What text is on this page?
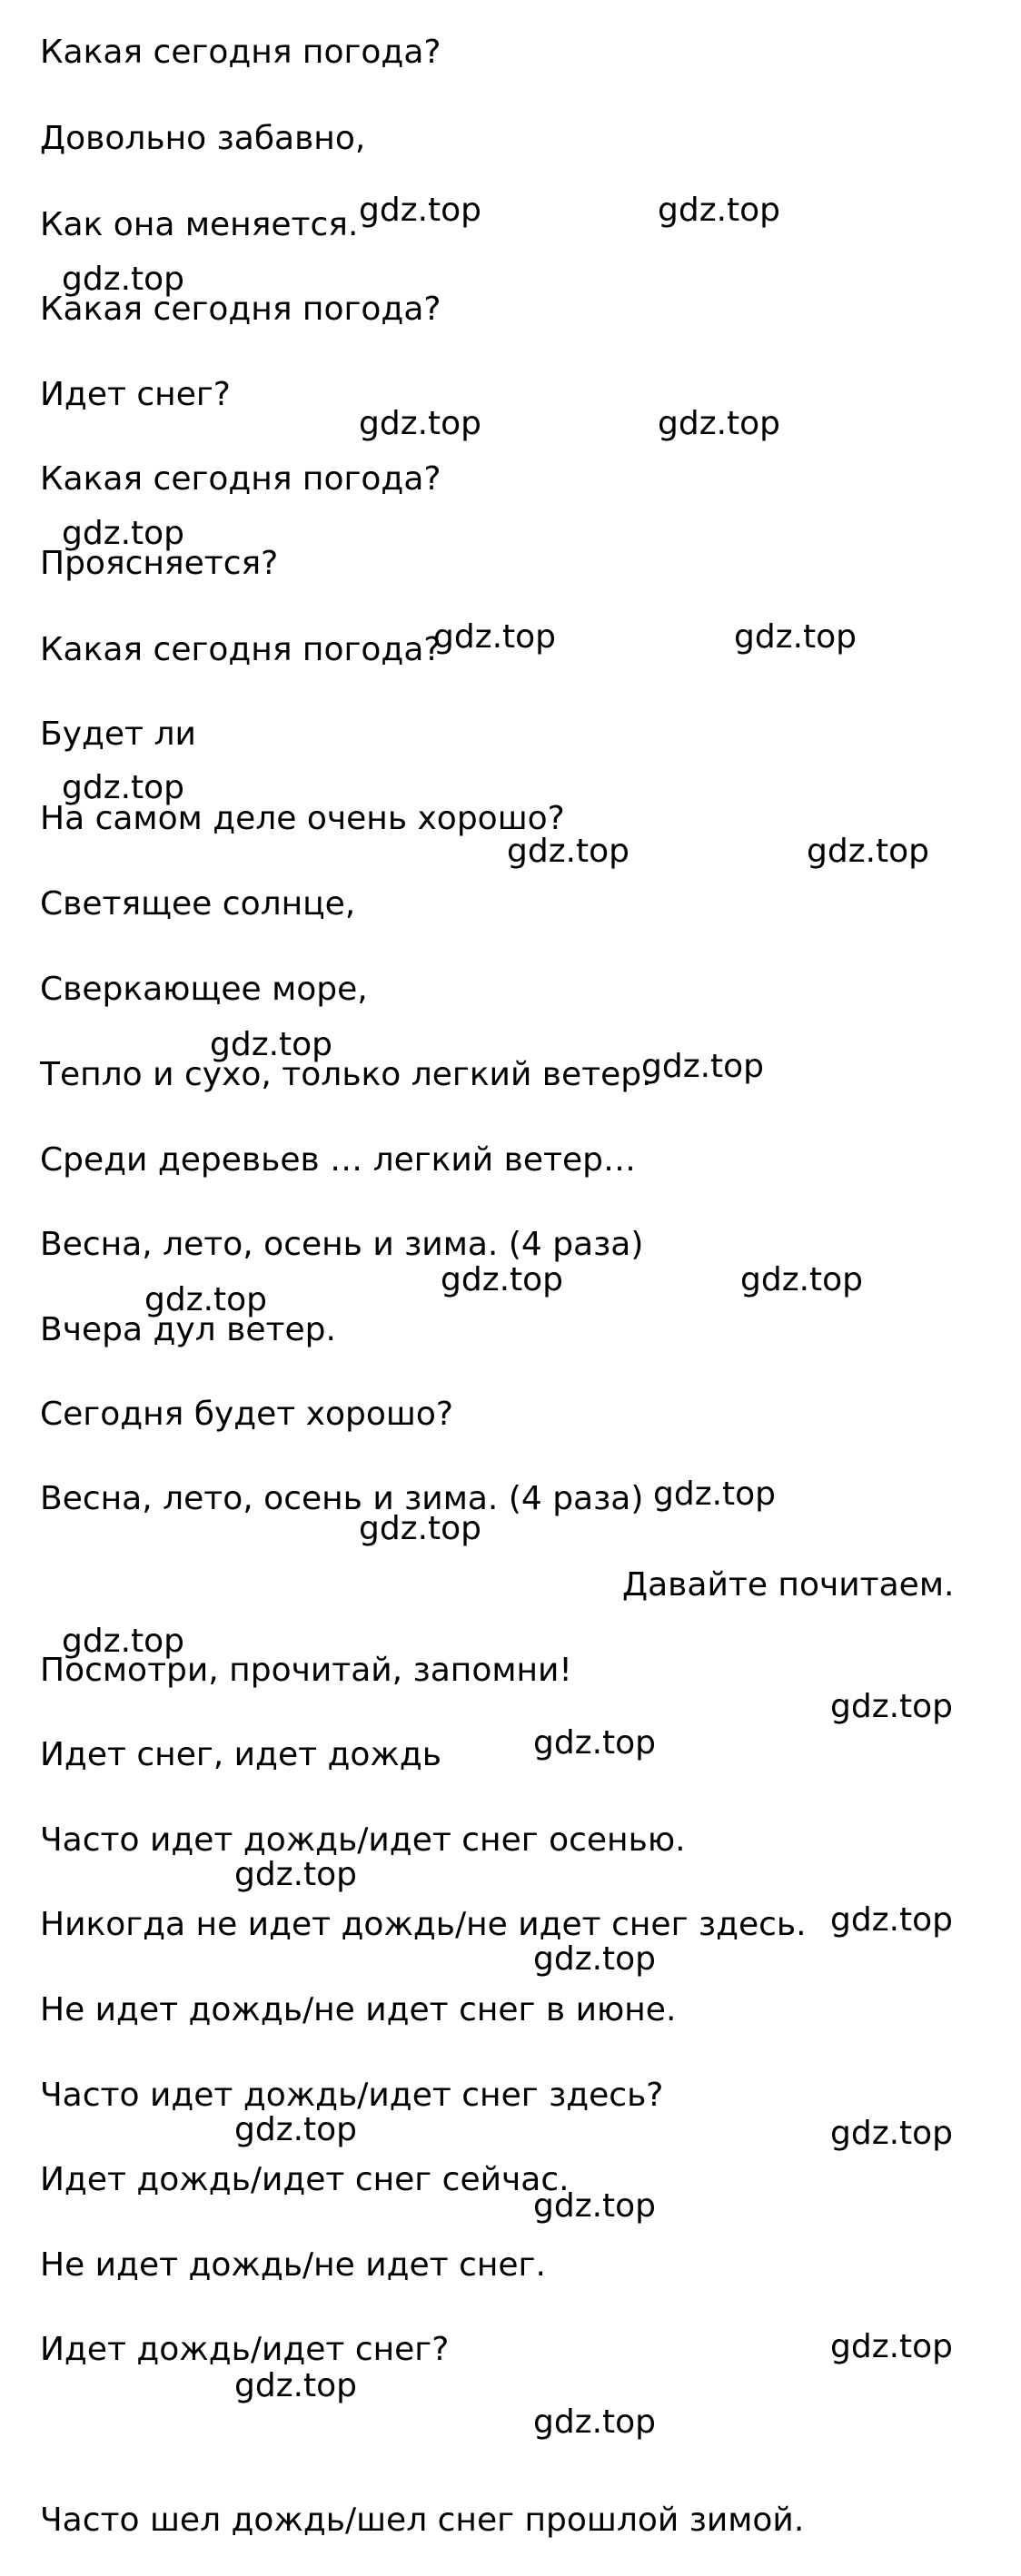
Какая сегодня погода?
Довольно забавно,
Как она меняется.
Какая сегодня погода?
Идет снег?
Какая сегодня погода?
Проясняется?
Какая сегодня погода?
Будет ли
На самом деле очень хорошо?
Светящее солнце,
Сверкающее море,
Тепло и сухо, только легкий ветер.
Среди деревьев … легкий ветер…
Весна, лето, осень и зима. (4 раза)
Вчера дул ветер.
Сегодня будет хорошо?
Весна, лето, осень и зима. (4 раза)
Давайте почитаем.
Посмотри, прочитай, запомни!
Идет снег, идет дождь
Часто идет дождь/идет снег осенью.
Никогда не идет дождь/не идет снег здесь.
Не идет дождь/не идет снег в июне.
Часто идет дождь/идет снег здесь?
Идет дождь/идет снег сейчас.
Не идет дождь/не идет снег.
Идет дождь/идет снег?
Часто шел дождь/шел снег прошлой зимой.
gdz.top	gdz.top
gdz.top
gdz.top	gdz.top
gdz.top
gdz.top	gdz.top
gdz.top
gdz.top	gdz.top
gdz.top
gdz.top
gdz.top	gdz.top
gdz.top
gdz.top
gdz.top
gdz.top
gdz.top
gdz.top
gdz.top
gdz.top
gdz.top
gdz.top	gdz.top
gdz.top
gdz.top
gdz.top
gdz.top
